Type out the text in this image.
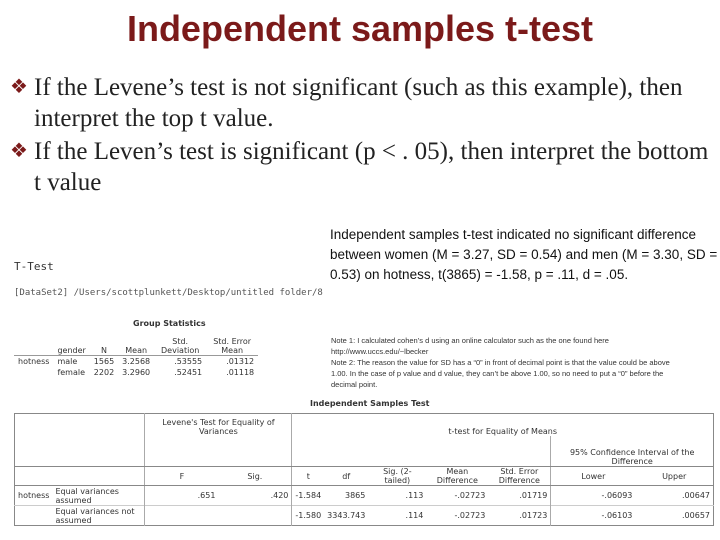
Independent samples t-test
❖ If the Levene’s test is not significant (such as this example), then interpret the top t value.
❖ If the Leven’s test is significant (p < . 05), then interpret the bottom t value
T-Test
[DataSet2] /Users/scottplunkett/Desktop/untitled folder/8
Group Statistics
	gender	N	Mean	Std. Deviation	Std. Error Mean
hotness	male	1565	3.2568	.53555	.01312
	female	2202	3.2960	.52451	.01118
Independent samples t-test indicated no significant difference between women (M = 3.27, SD = 0.54) and men (M = 3.30, SD = 0.53) on hotness, t(3865) = -1.58, p = .11, d = .05.

Note 1: I calculated cohen’s d using an online calculator such as the one found here http://www.uccs.edu/~lbecker

Note 2: The reason the value for SD has a “0” in front of decimal point is that the value could be above 1.00. In the case of p value and d value, they can’t be above 1.00, so no need to put a “0” before the decimal point.

Independent Samples Test
		Levene's Test for Equality of Variances		t-test for Equality of Means						
									95% Confidence Interval of the Difference	
		F	Sig.	t	df	Sig. (2-tailed)	Mean Difference	Std. Error Difference	Lower	Upper
hotness	Equal variances assumed	.651	.420	-1.584	3865	.113	-.02723	.01719	-.06093	.00647
	Equal variances not assumed			-1.580	3343.743	.114	-.02723	.01723	-.06103	.00657
